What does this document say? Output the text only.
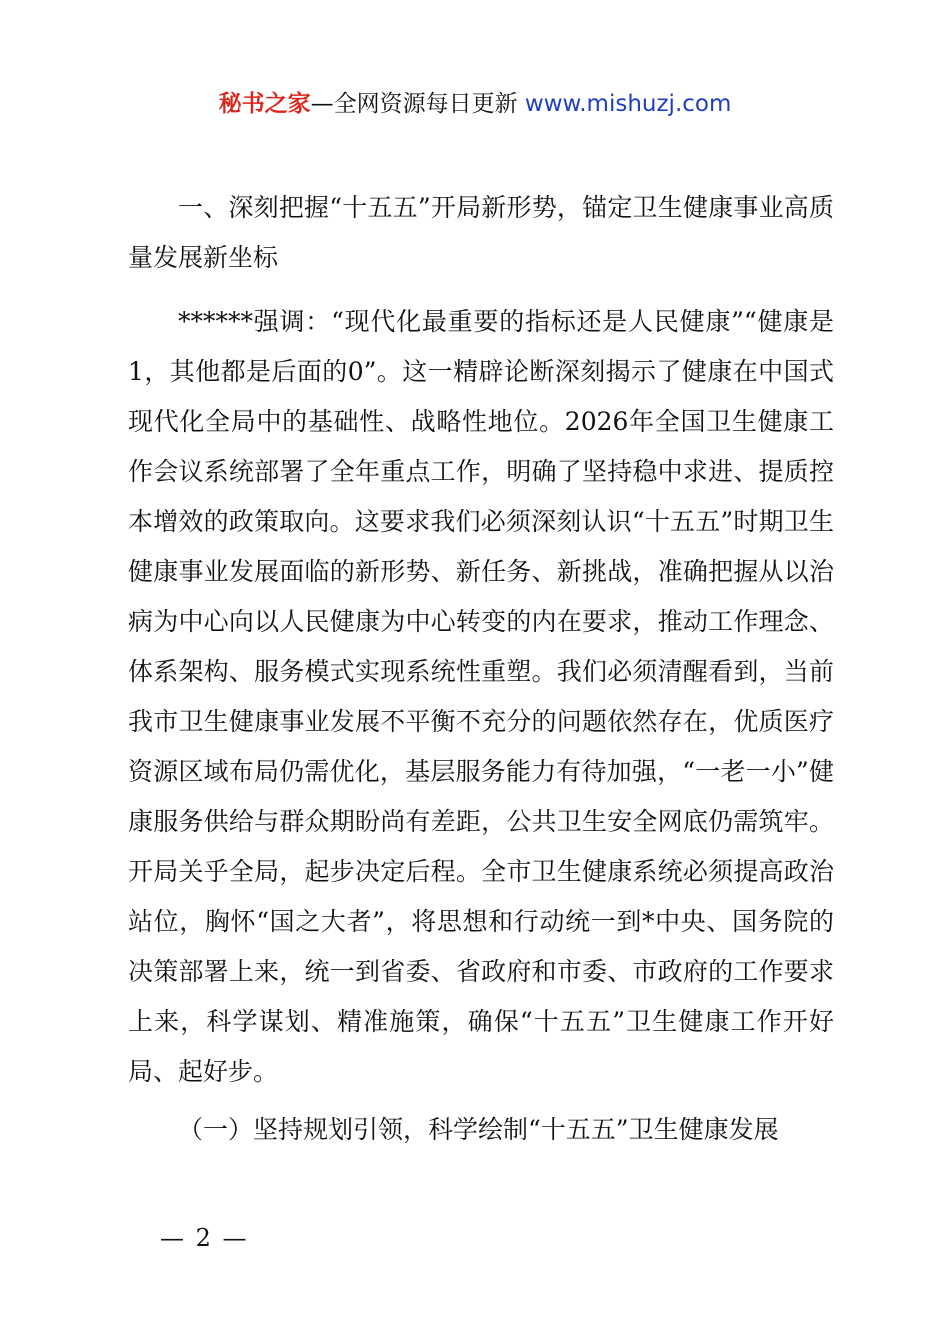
秘书之家—全网资源每日更新 www.mishuzj.com

一、深刻把握“十五五”开局新形势，锚定卫生健康事业高质量发展新坐标

******强调：“现代化最重要的指标还是人民健康”“健康是1，其他都是后面的0”。这一精辟论断深刻揭示了健康在中国式现代化全局中的基础性、战略性地位。2026年全国卫生健康工作会议系统部署了全年重点工作，明确了坚持稳中求进、提质控本增效的政策取向。这要求我们必须深刻认识“十五五”时期卫生健康事业发展面临的新形势、新任务、新挑战，准确把握从以治病为中心向以人民健康为中心转变的内在要求，推动工作理念、体系架构、服务模式实现系统性重塑。我们必须清醒看到，当前我市卫生健康事业发展不平衡不充分的问题依然存在，优质医疗资源区域布局仍需优化，基层服务能力有待加强，“一老一小”健康服务供给与群众期盼尚有差距，公共卫生安全网底仍需筑牢。开局关乎全局，起步决定后程。全市卫生健康系统必须提高政治站位，胸怀“国之大者”，将思想和行动统一到*中央、国务院的决策部署上来，统一到省委、省政府和市委、市政府的工作要求上来，科学谋划、精准施策，确保“十五五”卫生健康工作开好局、起好步。

（一）坚持规划引领，科学绘制“十五五”卫生健康发展

— 2 —
